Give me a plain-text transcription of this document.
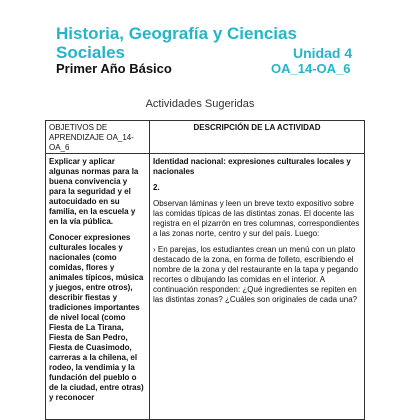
Historia, Geografía y Ciencias Sociales	Unidad 4
Primer Año Básico	OA_14-OA_6
Actividades Sugeridas
OBJETIVOS DE APRENDIZAJE OA_14-OA_6
DESCRIPCIÓN DE LA ACTIVIDAD

Explicar y aplicar algunas normas para la buena convivencia y para la seguridad y el autocuidado en su familia, en la escuela y en la vía pública.

Conocer expresiones culturales locales y nacionales (como comidas, flores y animales típicos, música y juegos, entre otros), describir fiestas y tradiciones importantes de nivel local (como Fiesta de La Tirana, Fiesta de San Pedro, Fiesta de Cuasimodo, carreras a la chilena, el rodeo, la vendimia y la fundación del pueblo o de la ciudad, entre otras) y reconocer

Identidad nacional: expresiones culturales locales y nacionales

2.

Observan láminas y leen un breve texto expositivo sobre las comidas típicas de las distintas zonas. El docente las registra en el pizarrón en tres columnas, correspondientes a las zonas norte, centro y sur del país. Luego:

› En parejas, los estudiantes crean un menú con un plato destacado de la zona, en forma de folleto, escribiendo el nombre de la zona y del restaurante en la tapa y pegando recortes o dibujando las comidas en el interior. A continuación responden: ¿Qué ingredientes se repiten en las distintas zonas? ¿Cuáles son originales de cada una?
